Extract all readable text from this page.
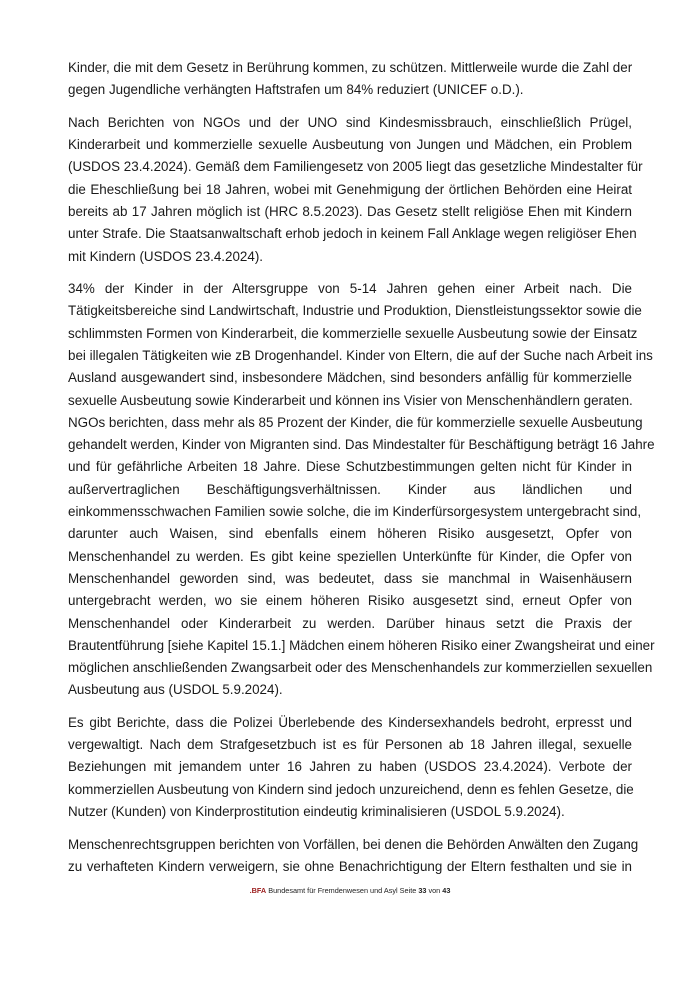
Kinder, die mit dem Gesetz in Berührung kommen, zu schützen. Mittlerweile wurde die Zahl der
gegen Jugendliche verhängten Haftstrafen um 84% reduziert (UNICEF o.D.).
Nach Berichten von NGOs und der UNO sind Kindesmissbrauch, einschließlich Prügel,
Kinderarbeit und kommerzielle sexuelle Ausbeutung von Jungen und Mädchen, ein Problem
(USDOS 23.4.2024). Gemäß dem Familiengesetz von 2005 liegt das gesetzliche Mindestalter für
die Eheschließung bei 18 Jahren, wobei mit Genehmigung der örtlichen Behörden eine Heirat
bereits ab 17 Jahren möglich ist (HRC 8.5.2023). Das Gesetz stellt religiöse Ehen mit Kindern
unter Strafe. Die Staatsanwaltschaft erhob jedoch in keinem Fall Anklage wegen religiöser Ehen
mit Kindern (USDOS 23.4.2024).
34% der Kinder in der Altersgruppe von 5-14 Jahren gehen einer Arbeit nach. Die
Tätigkeitsbereiche sind Landwirtschaft, Industrie und Produktion, Dienstleistungssektor sowie die
schlimmsten Formen von Kinderarbeit, die kommerzielle sexuelle Ausbeutung sowie der Einsatz
bei illegalen Tätigkeiten wie zB Drogenhandel. Kinder von Eltern, die auf der Suche nach Arbeit ins
Ausland ausgewandert sind, insbesondere Mädchen, sind besonders anfällig für kommerzielle
sexuelle Ausbeutung sowie Kinderarbeit und können ins Visier von Menschenhändlern geraten.
NGOs berichten, dass mehr als 85 Prozent der Kinder, die für kommerzielle sexuelle Ausbeutung
gehandelt werden, Kinder von Migranten sind. Das Mindestalter für Beschäftigung beträgt 16 Jahre
und für gefährliche Arbeiten 18 Jahre. Diese Schutzbestimmungen gelten nicht für Kinder in
außervertraglichen Beschäftigungsverhältnissen. Kinder aus ländlichen und
einkommensschwachen Familien sowie solche, die im Kinderfürsorgesystem untergebracht sind,
darunter auch Waisen, sind ebenfalls einem höheren Risiko ausgesetzt, Opfer von
Menschenhandel zu werden. Es gibt keine speziellen Unterkünfte für Kinder, die Opfer von
Menschenhandel geworden sind, was bedeutet, dass sie manchmal in Waisenhäusern
untergebracht werden, wo sie einem höheren Risiko ausgesetzt sind, erneut Opfer von
Menschenhandel oder Kinderarbeit zu werden. Darüber hinaus setzt die Praxis der
Brautentführung [siehe Kapitel 15.1.] Mädchen einem höheren Risiko einer Zwangsheirat und einer
möglichen anschließenden Zwangsarbeit oder des Menschenhandels zur kommerziellen sexuellen
Ausbeutung aus (USDOL 5.9.2024).
Es gibt Berichte, dass die Polizei Überlebende des Kindersexhandels bedroht, erpresst und
vergewaltigt. Nach dem Strafgesetzbuch ist es für Personen ab 18 Jahren illegal, sexuelle
Beziehungen mit jemandem unter 16 Jahren zu haben (USDOS 23.4.2024). Verbote der
kommerziellen Ausbeutung von Kindern sind jedoch unzureichend, denn es fehlen Gesetze, die
Nutzer (Kunden) von Kinderprostitution eindeutig kriminalisieren (USDOL 5.9.2024).
Menschenrechtsgruppen berichten von Vorfällen, bei denen die Behörden Anwälten den Zugang
zu verhafteten Kindern verweigern, sie ohne Benachrichtigung der Eltern festhalten und sie in
.BFA Bundesamt für Fremdenwesen und Asyl Seite 33 von 43
